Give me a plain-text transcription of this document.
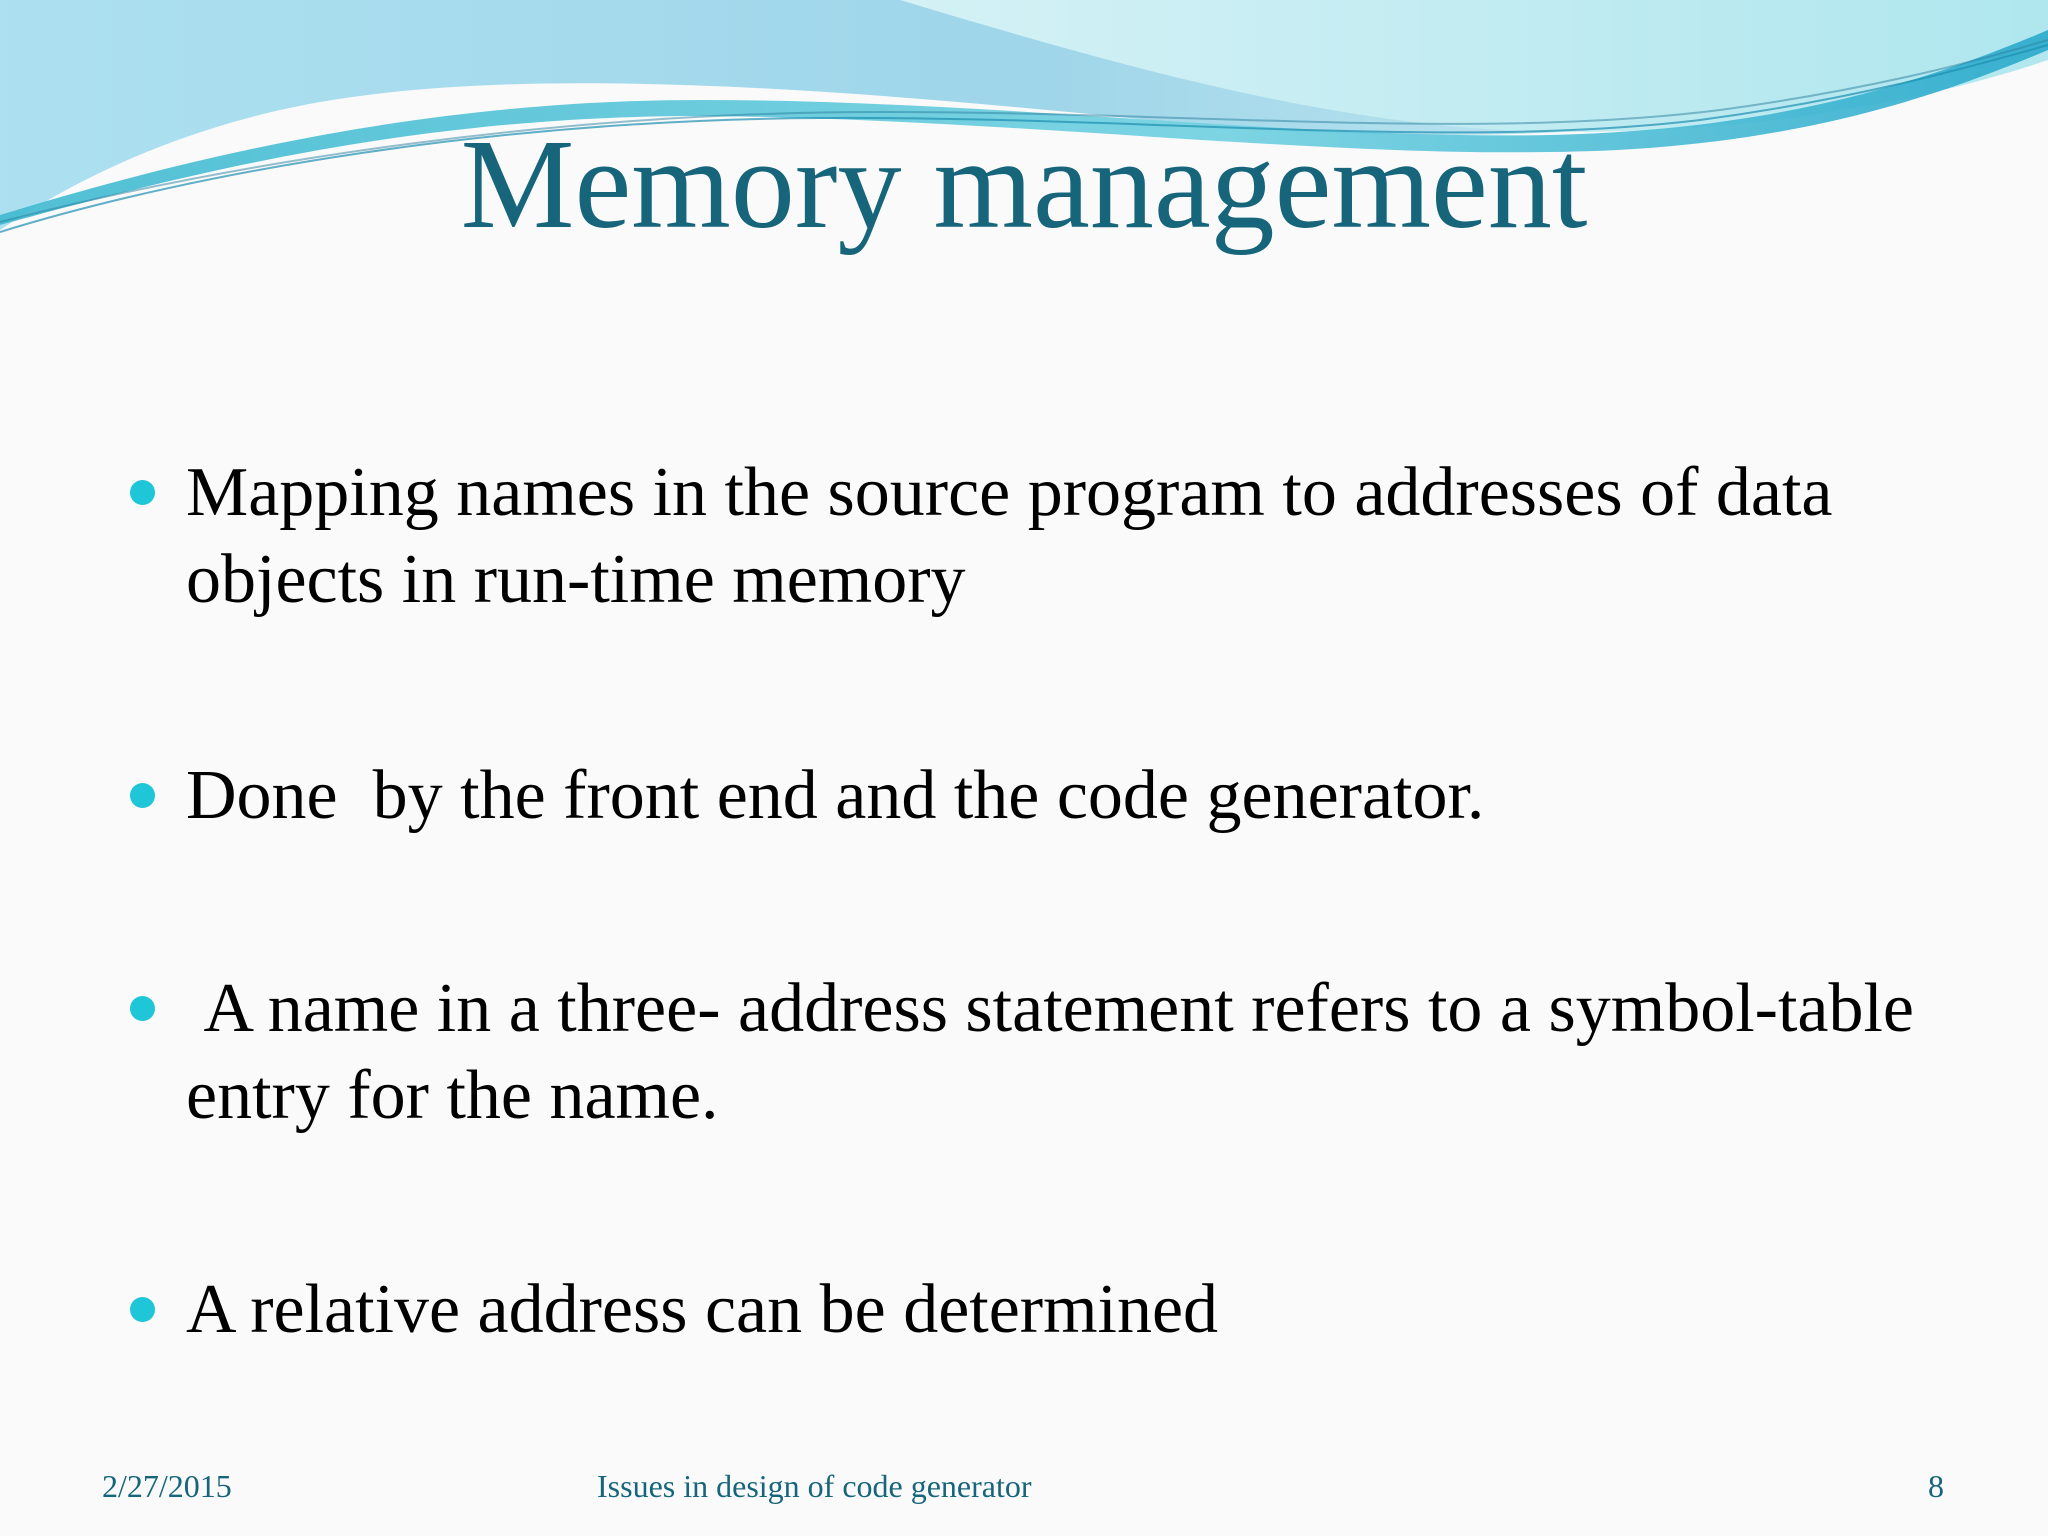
Memory management
Mapping names in the source program to addresses of data objects in run-time memory
Done  by the front end and the code generator.
A name in a three- address statement refers to a symbol-table entry for the name.
A relative address can be determined
2/27/2015	Issues in design of code generator	8
